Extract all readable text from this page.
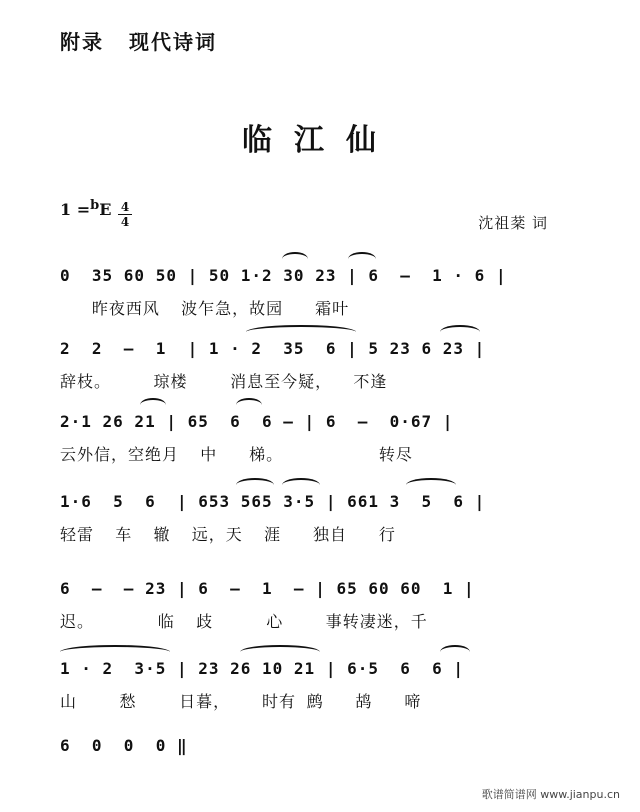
附录 现代诗词
临江仙
1 =$^b$E 4
4	沈祖棻 词
0  35 60 50 | 50 1·2 30 23 | 6  –  1 · 6 |
昨夜西风  波乍急，故园   霜叶
2  2  –  1  | 1 · 2  35  6 | 5 23 6 23 |
辞枝。    琼楼    消息至今疑，  不逢
2·1 26 21 | 65  6  6 – | 6  –  0·67 |
云外信，空绝月  中   梯。         转尽
1·6  5  6  | 653 565 3·5 | 661 3  5  6 |
轻雷  车  辙  远，天  涯   独自   行
6  –  – 23 | 6  –  1  – | 65 60 60  1 |
迟。      临  歧     心    事转凄迷，千
1 · 2  3·5 | 23 26 10 21 | 6·5  6  6 |
山    愁    日暮，   时有 鹧   鸪   啼
6  0  0  0 ‖
歌谱简谱网 www.jianpu.cn
